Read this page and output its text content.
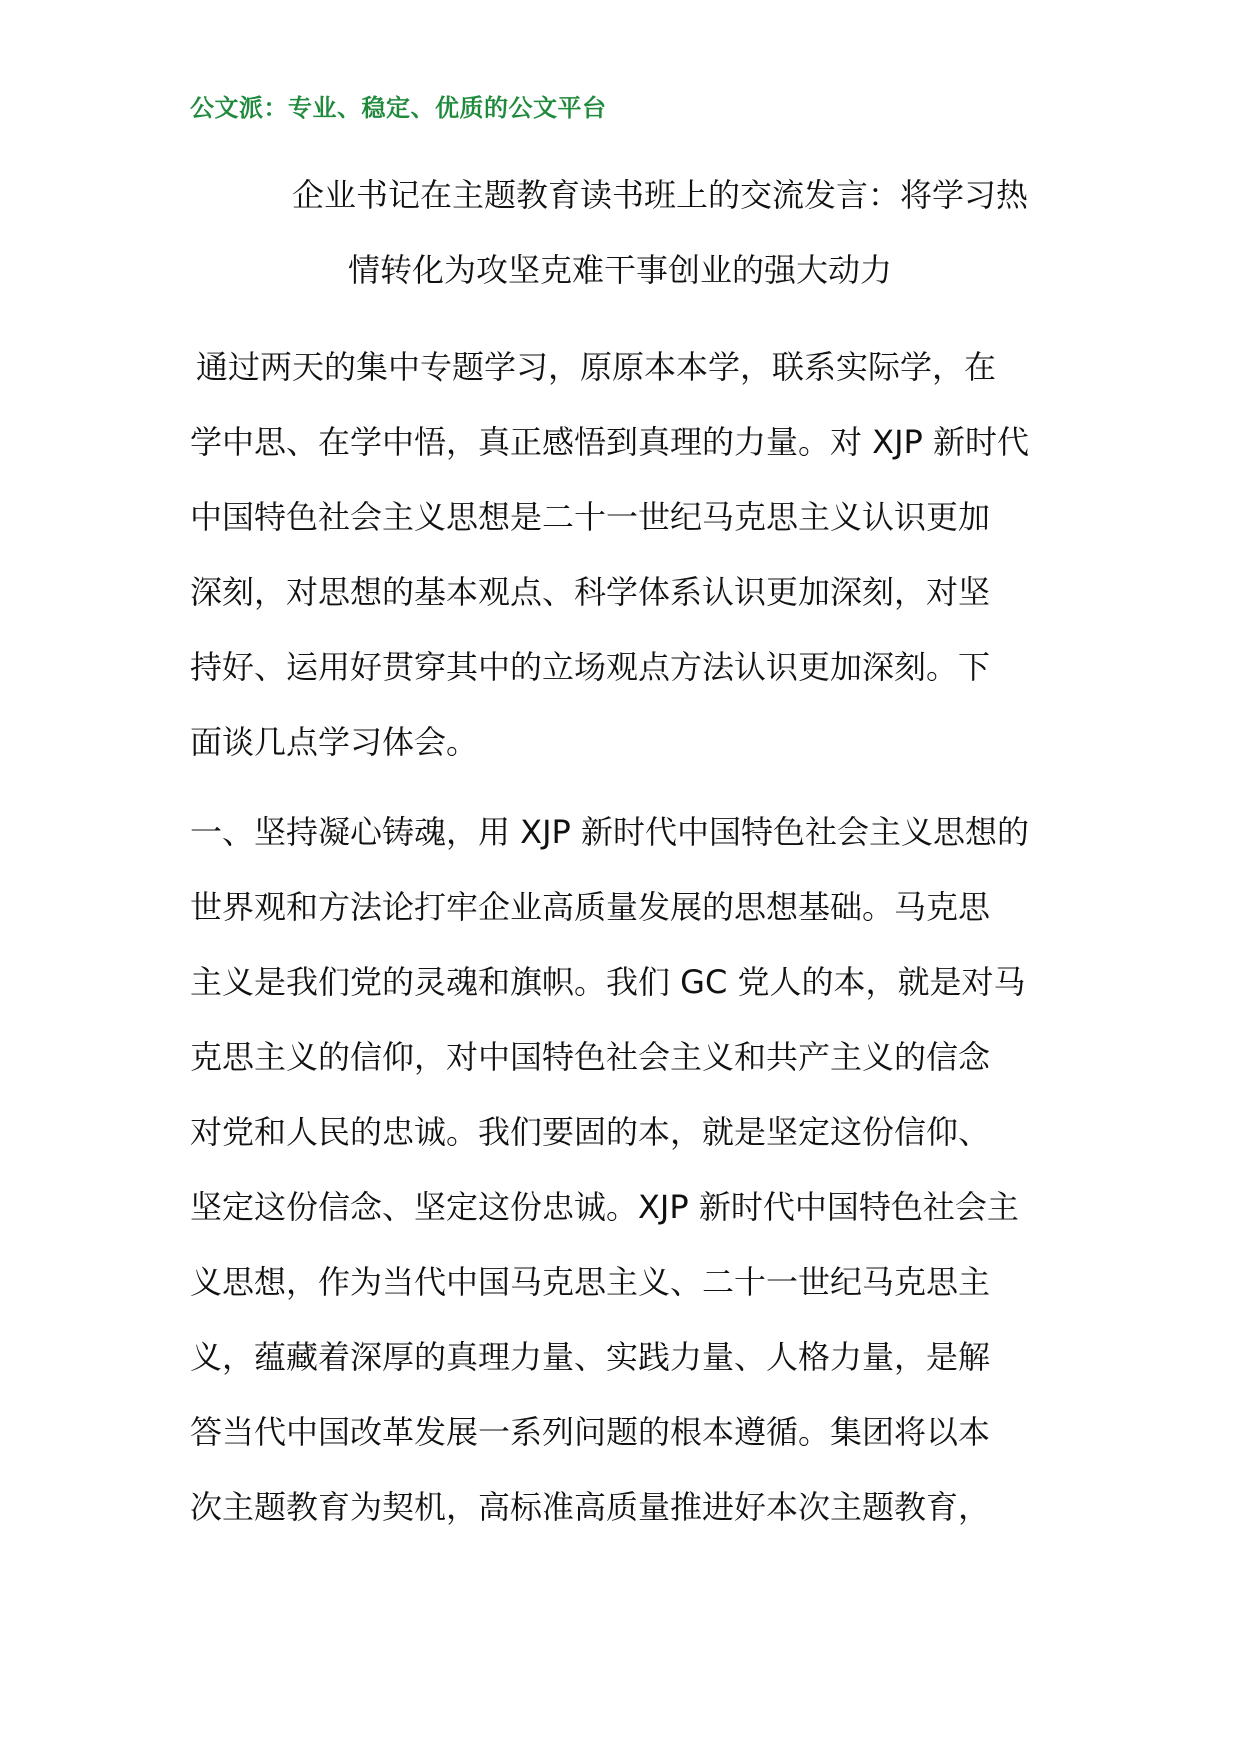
公文派：专业、稳定、优质的公文平台
企业书记在主题教育读书班上的交流发言：将学习热
情转化为攻坚克难干事创业的强大动力
通过两天的集中专题学习，原原本本学，联系实际学，在
学中思、在学中悟，真正感悟到真理的力量。对 XJP 新时代
中国特色社会主义思想是二十一世纪马克思主义认识更加
深刻，对思想的基本观点、科学体系认识更加深刻，对坚
持好、运用好贯穿其中的立场观点方法认识更加深刻。下
面谈几点学习体会。
一、坚持凝心铸魂，用 XJP 新时代中国特色社会主义思想的
世界观和方法论打牢企业高质量发展的思想基础。马克思
主义是我们党的灵魂和旗帜。我们 GC 党人的本，就是对马
克思主义的信仰，对中国特色社会主义和共产主义的信念
对党和人民的忠诚。我们要固的本，就是坚定这份信仰、
坚定这份信念、坚定这份忠诚。XJP 新时代中国特色社会主
义思想，作为当代中国马克思主义、二十一世纪马克思主
义，蕴藏着深厚的真理力量、实践力量、人格力量，是解
答当代中国改革发展一系列问题的根本遵循。集团将以本
次主题教育为契机，高标准高质量推进好本次主题教育，
